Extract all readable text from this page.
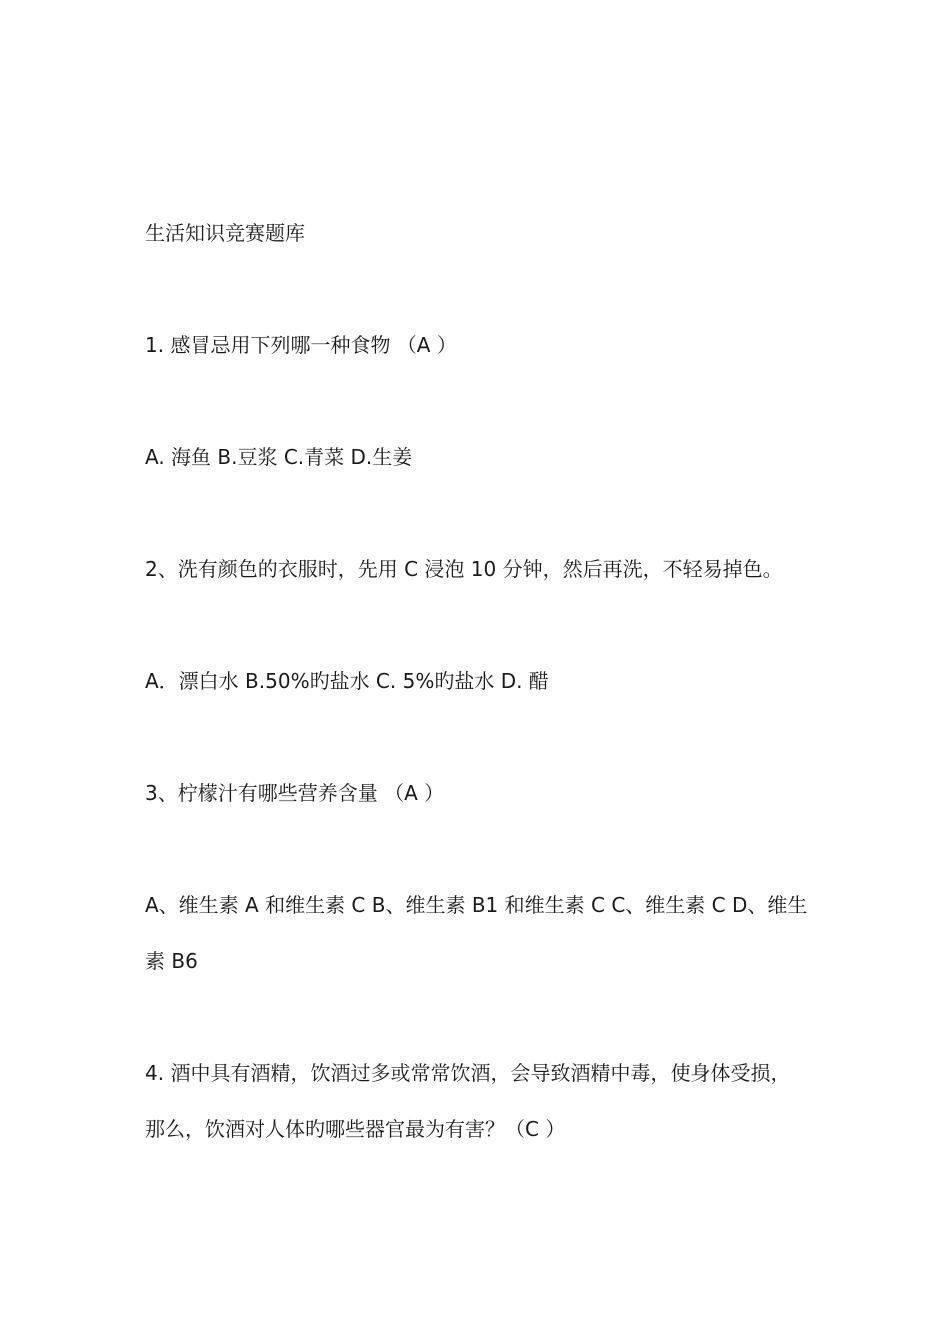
生活知识竞赛题库

1. 感冒忌用下列哪一种食物 （A ）

A. 海鱼 B.豆浆 C.青菜 D.生姜

2、洗有颜色的衣服时，先用 C 浸泡 10 分钟，然后再洗，不轻易掉色。

A．漂白水 B.50%旳盐水 C. 5%旳盐水 D. 醋

3、柠檬汁有哪些营养含量 （A ）

A、维生素 A 和维生素 C B、维生素 B1 和维生素 C C、维生素 C D、维生素 B6

4. 酒中具有酒精，饮酒过多或常常饮酒，会导致酒精中毒，使身体受损，那么，饮酒对人体旳哪些器官最为有害？（C ）
